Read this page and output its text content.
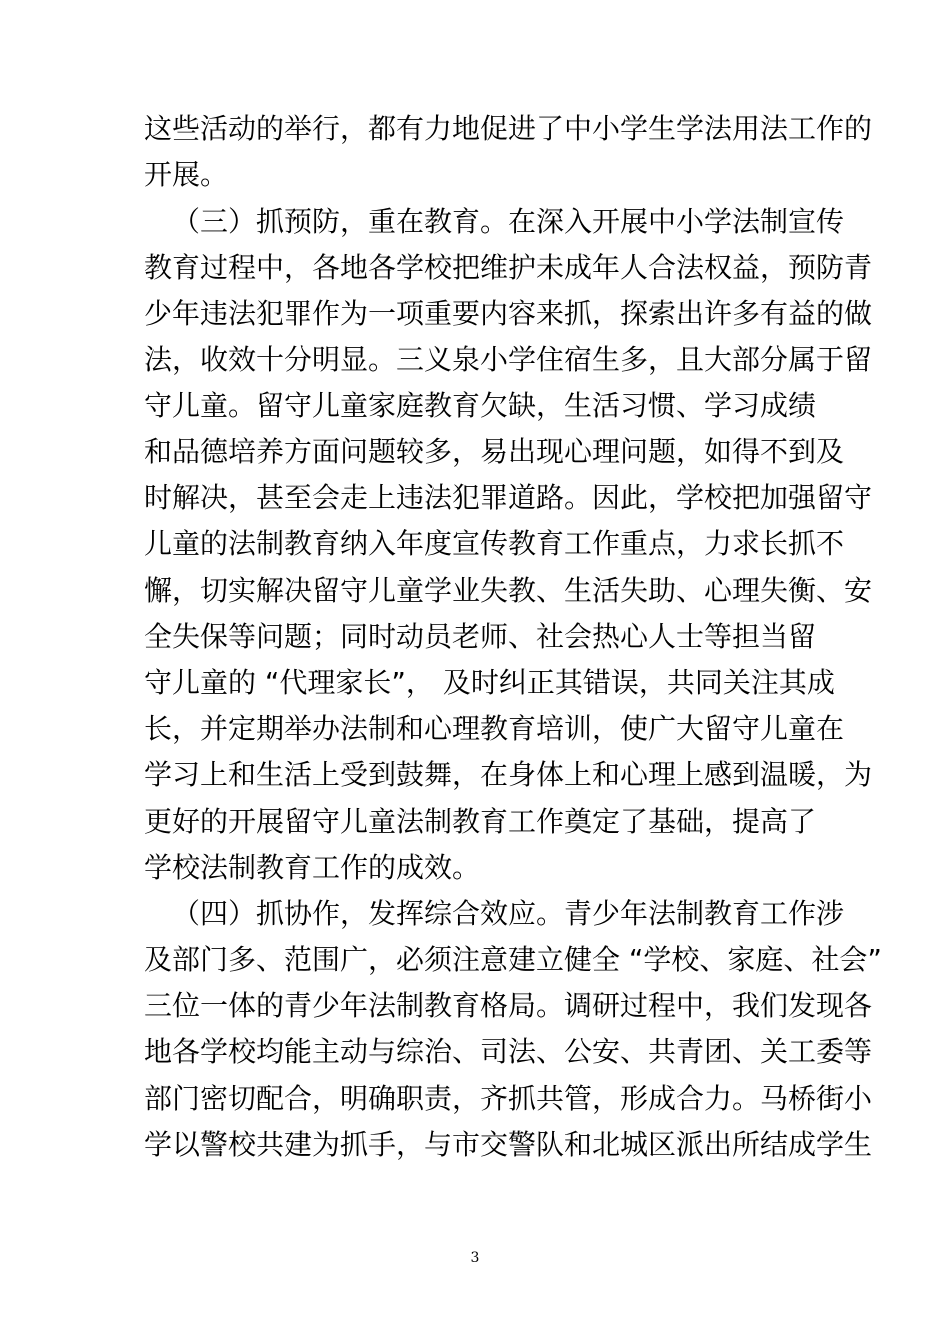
这些活动的举行，都有力地促进了中小学生学法用法工作的
开展。
（三）抓预防，重在教育。在深入开展中小学法制宣传
教育过程中，各地各学校把维护未成年人合法权益，预防青
少年违法犯罪作为一项重要内容来抓，探索出许多有益的做
法，收效十分明显。三义泉小学住宿生多，且大部分属于留
守儿童。留守儿童家庭教育欠缺，生活习惯、学习成绩
和品德培养方面问题较多，易出现心理问题，如得不到及
时解决，甚至会走上违法犯罪道路。因此，学校把加强留守
儿童的法制教育纳入年度宣传教育工作重点，力求长抓不
懈，切实解决留守儿童学业失教、生活失助、心理失衡、安
全失保等问题；同时动员老师、社会热心人士等担当留
守儿童的 “代理家长”， 及时纠正其错误，共同关注其成
长，并定期举办法制和心理教育培训，使广大留守儿童在
学习上和生活上受到鼓舞，在身体上和心理上感到温暖，为
更好的开展留守儿童法制教育工作奠定了基础，提高了
学校法制教育工作的成效。
（四）抓协作，发挥综合效应。青少年法制教育工作涉
及部门多、范围广，必须注意建立健全 “学校、家庭、社会”
三位一体的青少年法制教育格局。调研过程中，我们发现各
地各学校均能主动与综治、司法、公安、共青团、关工委等
部门密切配合，明确职责，齐抓共管，形成合力。马桥街小
学以警校共建为抓手，与市交警队和北城区派出所结成学生
3
